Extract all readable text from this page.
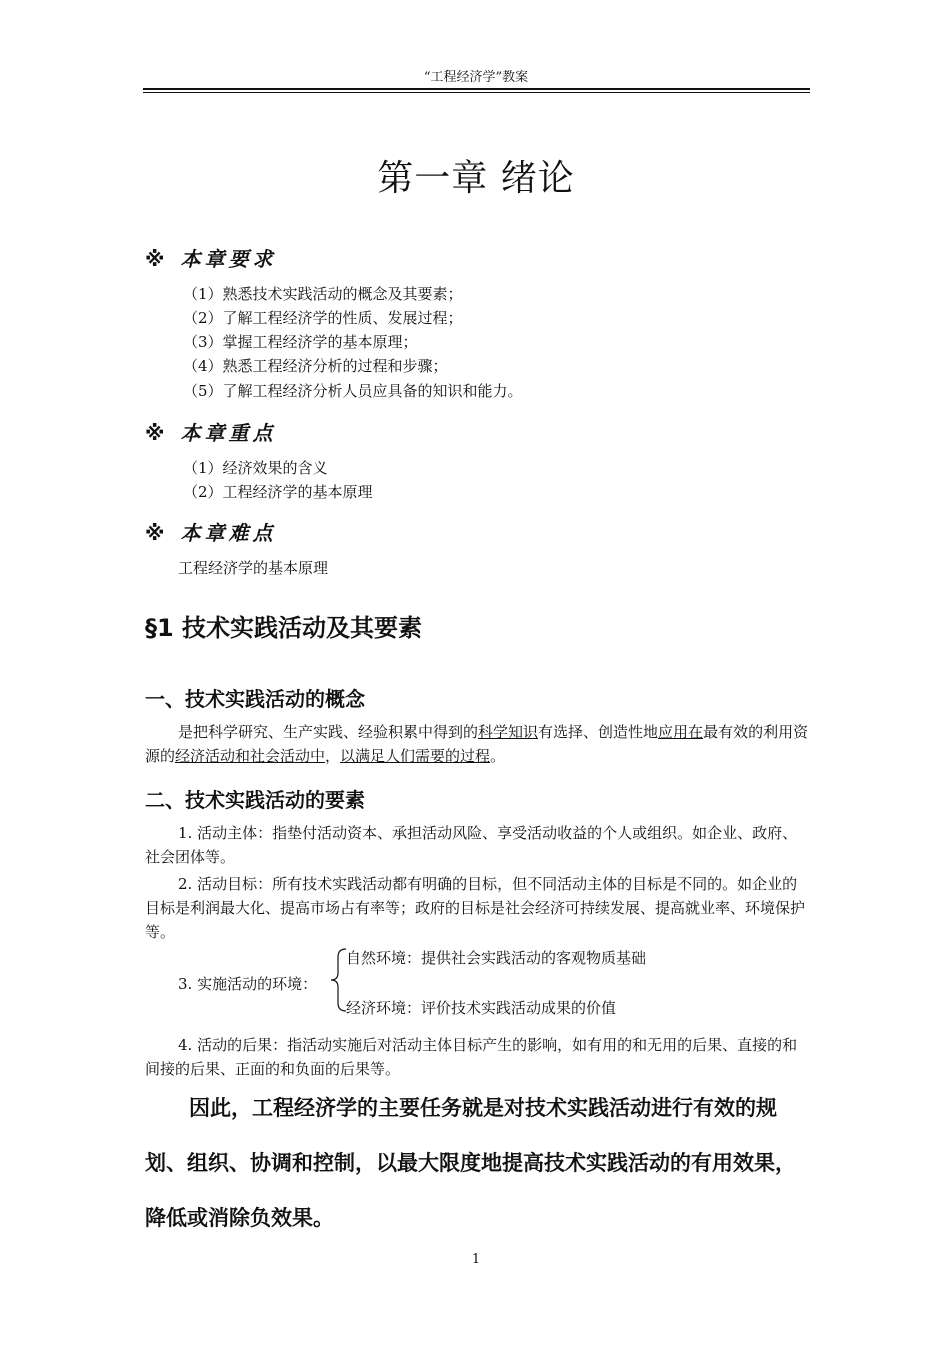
“工程经济学”教案
第一章 绪论
※ 本章要求
（1）熟悉技术实践活动的概念及其要素；
（2）了解工程经济学的性质、发展过程；
（3）掌握工程经济学的基本原理；
（4）熟悉工程经济分析的过程和步骤；
（5）了解工程经济分析人员应具备的知识和能力。
※ 本章重点
（1）经济效果的含义
（2）工程经济学的基本原理
※ 本章难点
工程经济学的基本原理
§1 技术实践活动及其要素
一、技术实践活动的概念
是把科学研究、生产实践、经验积累中得到的科学知识有选择、创造性地应用在最有效的利用资源的经济活动和社会活动中，以满足人们需要的过程。
二、技术实践活动的要素
1. 活动主体：指垫付活动资本、承担活动风险、享受活动收益的个人或组织。如企业、政府、社会团体等。
2. 活动目标：所有技术实践活动都有明确的目标，但不同活动主体的目标是不同的。如企业的目标是利润最大化、提高市场占有率等；政府的目标是社会经济可持续发展、提高就业率、环境保护等。
3. 实施活动的环境：
自然环境：提供社会实践活动的客观物质基础
经济环境：评价技术实践活动成果的价值
4. 活动的后果：指活动实施后对活动主体目标产生的影响，如有用的和无用的后果、直接的和间接的后果、正面的和负面的后果等。
因此，工程经济学的主要任务就是对技术实践活动进行有效的规划、组织、协调和控制，以最大限度地提高技术实践活动的有用效果，降低或消除负效果。
1
